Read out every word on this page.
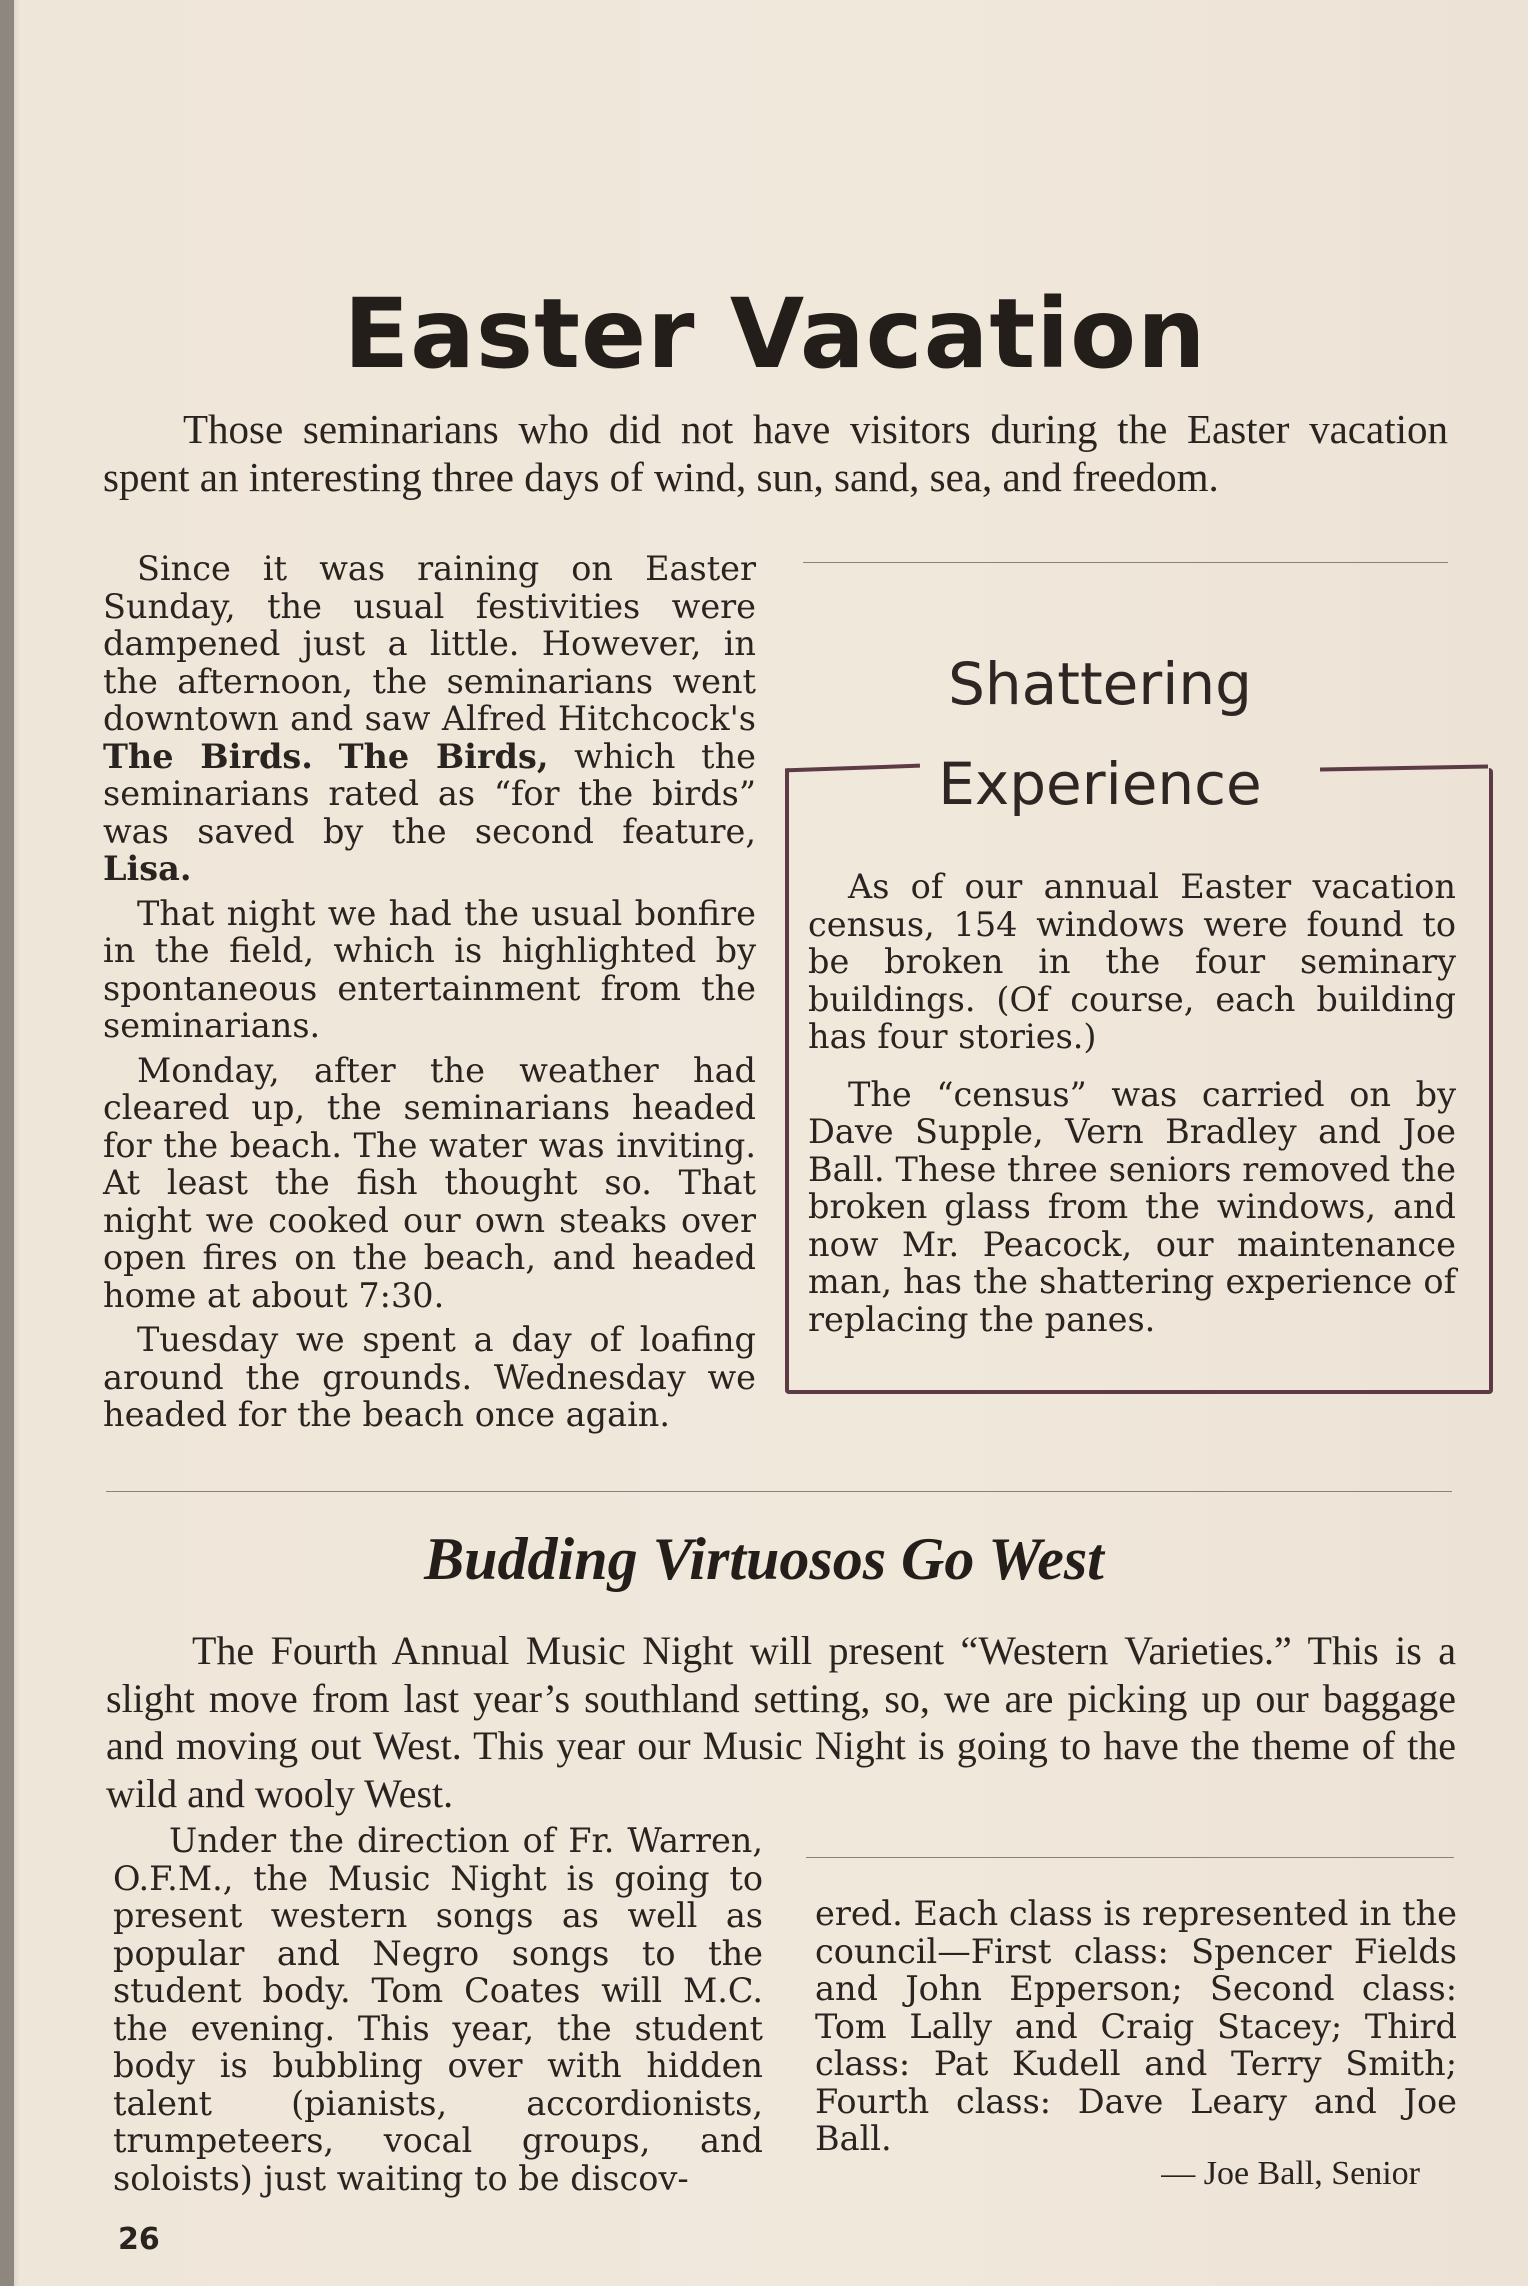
Easter Vacation
Those seminarians who did not have visitors during the Easter vacation spent an interesting three days of wind, sun, sand, sea, and freedom.

Since it was raining on Easter Sunday, the usual festivities were dampened just a little. However, in the afternoon, the seminarians went downtown and saw Alfred Hitchcock's The Birds. The Birds, which the seminarians rated as “for the birds” was saved by the second feature, Lisa.

That night we had the usual bonfire in the field, which is highlighted by spontaneous entertainment from the seminarians.

Monday, after the weather had cleared up, the seminarians headed for the beach. The water was inviting. At least the fish thought so. That night we cooked our own steaks over open fires on the beach, and headed home at about 7:30.

Tuesday we spent a day of loafing around the grounds. Wednesday we headed for the beach once again.

Shattering
Experience

As of our annual Easter vacation census, 154 windows were found to be broken in the four seminary buildings. (Of course, each building has four stories.)

The “census” was carried on by Dave Supple, Vern Bradley and Joe Ball. These three seniors removed the broken glass from the windows, and now Mr. Peacock, our maintenance man, has the shattering experience of replacing the panes.

Budding Virtuosos Go West
The Fourth Annual Music Night will present “Western Varieties.” This is a slight move from last year’s southland setting, so, we are picking up our baggage and moving out West. This year our Music Night is going to have the theme of the wild and wooly West.
Under the direction of Fr. Warren, O.F.M., the Music Night is going to present western songs as well as popular and Negro songs to the student body. Tom Coates will M.C. the evening. This year, the student body is bubbling over with hidden talent (pianists, accordionists, trumpeteers, vocal groups, and soloists) just waiting to be discov-
ered. Each class is represented in the council—First class: Spencer Fields and John Epperson; Second class: Tom Lally and Craig Stacey; Third class: Pat Kudell and Terry Smith; Fourth class: Dave Leary and Joe Ball.
— Joe Ball, Senior
26
